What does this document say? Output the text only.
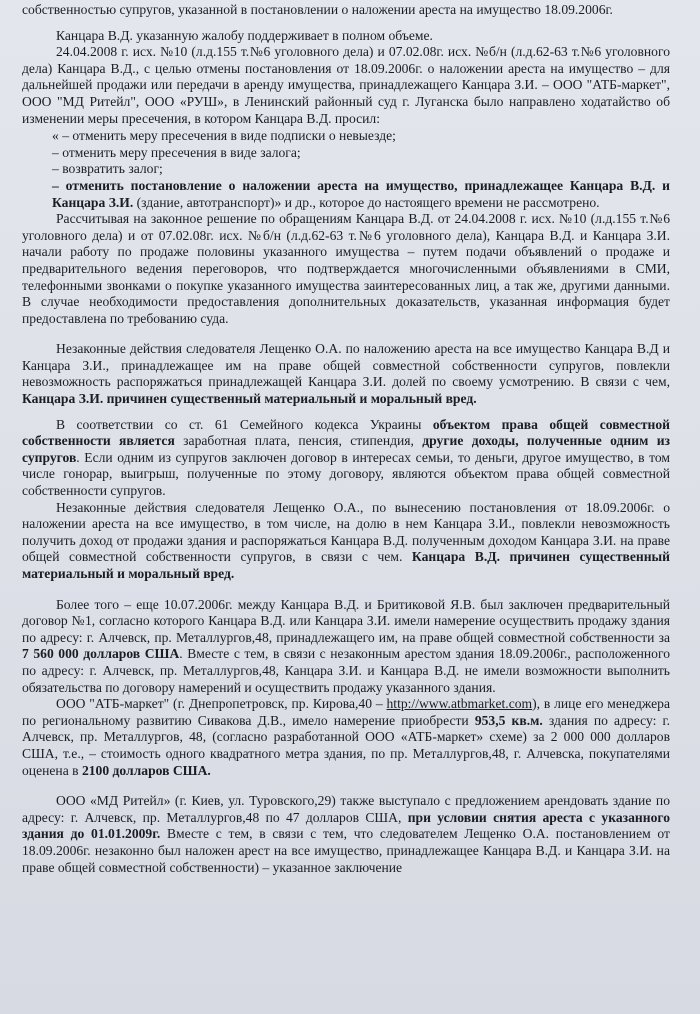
собственностью супругов, указанной в постановлении о наложении ареста на имущество 18.09.2006г.

Канцара В.Д. указанную жалобу поддерживает в полном объеме.

24.04.2008 г. исх. №10 (л.д.155 т.№6 уголовного дела) и 07.02.08г. исх. №б/н (л.д.62-63 т.№6 уголовного дела) Канцара В.Д., с целью отмены постановления от 18.09.2006г. о наложении ареста на имущество – для дальнейшей продажи или передачи в аренду имущества, принадлежащего Канцара З.И. – ООО "АТБ-маркет", ООО "МД Ритейл", ООО «РУШ», в Ленинский районный суд г. Луганска было направлено ходатайство об изменении меры пресечения, в котором Канцара В.Д. просил:

« – отменить меру пресечения в виде подписки о невыезде;

– отменить меру пресечения в виде залога;

– возвратить залог;

– отменить постановление о наложении ареста на имущество, принадлежащее Канцара В.Д. и Канцара З.И. (здание, автотранспорт)» и др., которое до настоящего времени не рассмотрено.

Рассчитывая на законное решение по обращениям Канцара В.Д. от 24.04.2008 г. исх. №10 (л.д.155 т.№6 уголовного дела) и от 07.02.08г. исх. №б/н (л.д.62-63 т.№6 уголовного дела), Канцара В.Д. и Канцара З.И. начали работу по продаже половины указанного имущества – путем подачи объявлений о продаже и предварительного ведения переговоров, что подтверждается многочисленными объявлениями в СМИ, телефонными звонками о покупке указанного имущества заинтересованных лиц, а так же, другими данными. В случае необходимости предоставления дополнительных доказательств, указанная информация будет предоставлена по требованию суда.

Незаконные действия следователя Лещенко О.А. по наложению ареста на все имущество Канцара В.Д и Канцара З.И., принадлежащее им на праве общей совместной собственности супругов, повлекли невозможность распоряжаться принадлежащей Канцара З.И. долей по своему усмотрению. В связи с чем, Канцара З.И. причинен существенный материальный и моральный вред.

В соответствии со ст. 61 Семейного кодекса Украины объектом права общей совместной собственности является заработная плата, пенсия, стипендия, другие доходы, полученные одним из супругов. Если одним из супругов заключен договор в интересах семьи, то деньги, другое имущество, в том числе гонорар, выигрыш, полученные по этому договору, являются объектом права общей совместной собственности супругов.

Незаконные действия следователя Лещенко О.А., по вынесению постановления от 18.09.2006г. о наложении ареста на все имущество, в том числе, на долю в нем Канцара З.И., повлекли невозможность получить доход от продажи здания и распоряжаться Канцара В.Д. полученным доходом Канцара З.И. на праве общей совместной собственности супругов, в связи с чем. Канцара В.Д. причинен существенный материальный и моральный вред.

Более того – еще 10.07.2006г. между Канцара В.Д. и Бритиковой Я.В. был заключен предварительный договор №1, согласно которого Канцара В.Д. или Канцара З.И. имели намерение осуществить продажу здания по адресу: г. Алчевск, пр. Металлургов,48, принадлежащего им, на праве общей совместной собственности за 7 560 000 долларов США. Вместе с тем, в связи с незаконным арестом здания 18.09.2006г., расположенного по адресу: г. Алчевск, пр. Металлургов,48, Канцара З.И. и Канцара В.Д. не имели возможности выполнить обязательства по договору намерений и осуществить продажу указанного здания.

ООО "АТБ-маркет" (г. Днепропетровск, пр. Кирова,40 – http://www.atbmarket.com), в лице его менеджера по региональному развитию Сивакова Д.В., имело намерение приобрести 953,5 кв.м. здания по адресу: г. Алчевск, пр. Металлургов, 48, (согласно разработанной ООО «АТБ-маркет» схеме) за 2 000 000 долларов США, т.е., – стоимость одного квадратного метра здания, по пр. Металлургов,48, г. Алчевска, покупателями оценена в 2100 долларов США.

ООО «МД Ритейл» (г. Киев, ул. Туровского,29) также выступало с предложением арендовать здание по адресу: г. Алчевск, пр. Металлургов,48 по 47 долларов США, при условии снятия ареста с указанного здания до 01.01.2009г. Вместе с тем, в связи с тем, что следователем Лещенко О.А. постановлением от 18.09.2006г. незаконно был наложен арест на все имущество, принадлежащее Канцара В.Д. и Канцара З.И. на праве общей совместной собственности) – указанное заключение
